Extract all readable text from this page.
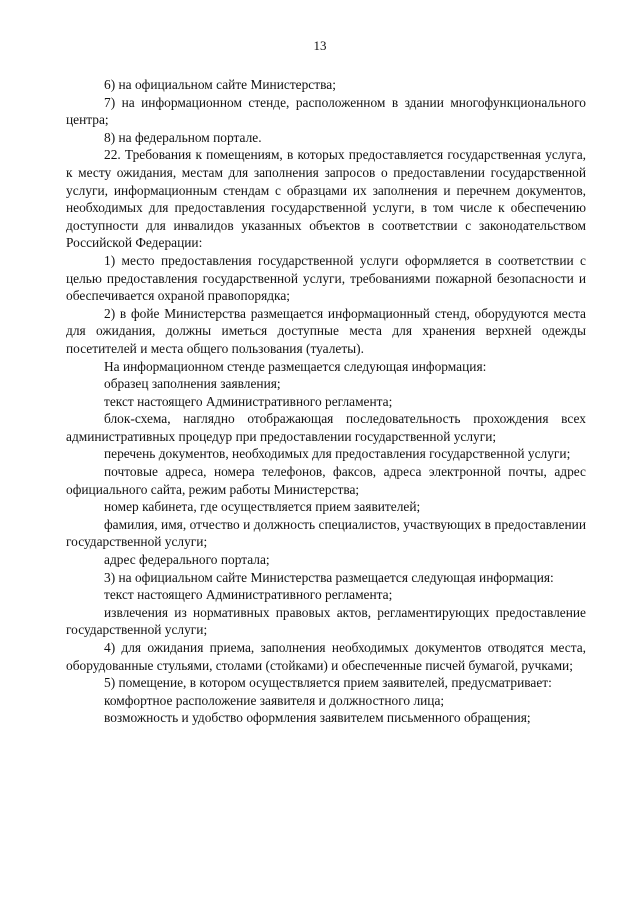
13

6) на официальном сайте Министерства;

7) на информационном стенде, расположенном в здании многофункционального центра;

8) на федеральном портале.

22. Требования к помещениям, в которых предоставляется государственная услуга, к месту ожидания, местам для заполнения запросов о предоставлении государственной услуги, информационным стендам с образцами их заполнения и перечнем документов, необходимых для предоставления государственной услуги, в том числе к обеспечению доступности для инвалидов указанных объектов в соответствии с законодательством Российской Федерации:

1) место предоставления государственной услуги оформляется в соответствии с целью предоставления государственной услуги, требованиями пожарной безопасности и обеспечивается охраной правопорядка;

2) в фойе Министерства размещается информационный стенд, оборудуются места для ожидания, должны иметься доступные места для хранения верхней одежды посетителей и места общего пользования (туалеты).

На информационном стенде размещается следующая информация:

образец заполнения заявления;

текст настоящего Административного регламента;

блок-схема, наглядно отображающая последовательность прохождения всех административных процедур при предоставлении государственной услуги;

перечень документов, необходимых для предоставления государственной услуги;

почтовые адреса, номера телефонов, факсов, адреса электронной почты, адрес официального сайта, режим работы Министерства;

номер кабинета, где осуществляется прием заявителей;

фамилия, имя, отчество и должность специалистов, участвующих в предоставлении государственной услуги;

адрес федерального портала;

3) на официальном сайте Министерства размещается следующая информация:

текст настоящего Административного регламента;

извлечения из нормативных правовых актов, регламентирующих предоставление государственной услуги;

4) для ожидания приема, заполнения необходимых документов отводятся места, оборудованные стульями, столами (стойками) и обеспеченные писчей бумагой, ручками;

5) помещение, в котором осуществляется прием заявителей, предусматривает:

комфортное расположение заявителя и должностного лица;

возможность и удобство оформления заявителем письменного обращения;
